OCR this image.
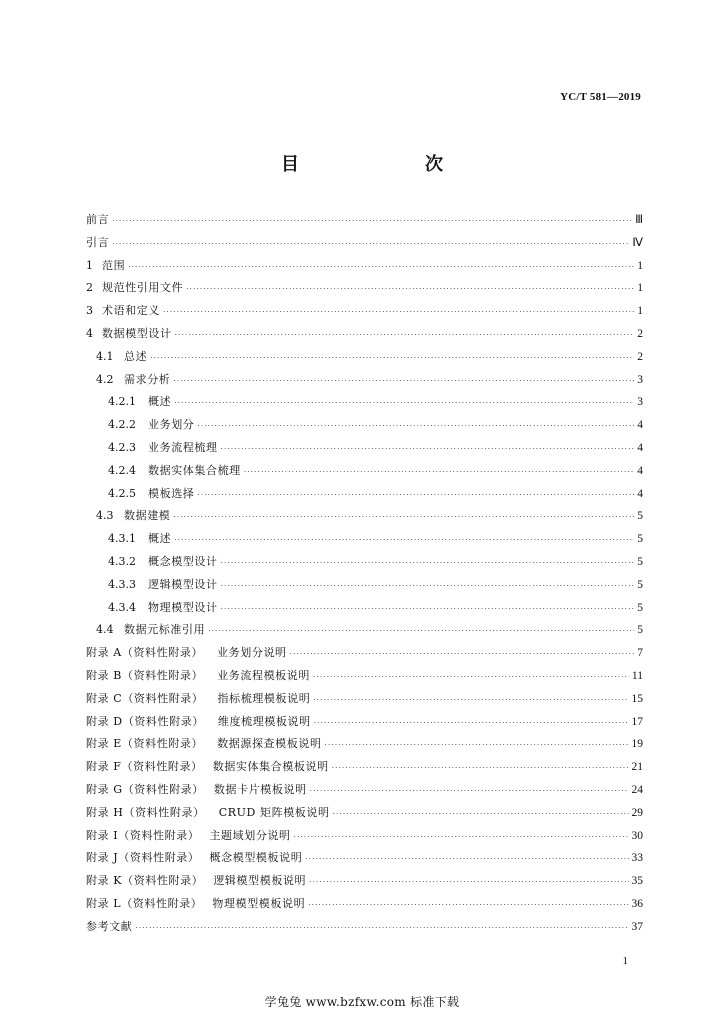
YC/T 581—2019
目　　次
前言 ·····	Ⅲ
引言 ·····	Ⅳ
1 范围 ·····	1
2 规范性引用文件 ·····	1
3 术语和定义 ·····	1
4 数据模型设计 ·····	2
4.1 总述 ·····	2
4.2 需求分析 ·····	3
4.2.1	概述 ·····	3
4.2.2	业务划分 ·····	4
4.2.3	业务流程梳理 ·····	4
4.2.4	数据实体集合梳理 ·····	4
4.2.5	模板选择 ·····	4
4.3 数据建模 ·····	5
4.3.1	概述 ·····	5
4.3.2	概念模型设计 ·····	5
4.3.3	逻辑模型设计 ·····	5
4.3.4	物理模型设计 ·····	5
4.4 数据元标准引用 ·····	5
附录 A（资料性附录） 业务划分说明 ·····	7
附录 B（资料性附录） 业务流程模板说明 ·····	11
附录 C（资料性附录） 指标梳理模板说明 ·····	15
附录 D（资料性附录） 维度梳理模板说明 ·····	17
附录 E（资料性附录） 数据源探查模板说明 ·····	19
附录 F（资料性附录） 数据实体集合模板说明 ·····	21
附录 G（资料性附录） 数据卡片模板说明 ·····	24
附录 H（资料性附录） CRUD 矩阵模板说明 ·····	29
附录 I（资料性附录） 主题域划分说明 ·····	30
附录 J（资料性附录） 概念模型模板说明 ·····	33
附录 K（资料性附录） 逻辑模型模板说明 ·····	35
附录 L（资料性附录） 物理模型模板说明 ·····	36
参考文献 ·····	37
1
学兔兔 www.bzfxw.com 标准下载
